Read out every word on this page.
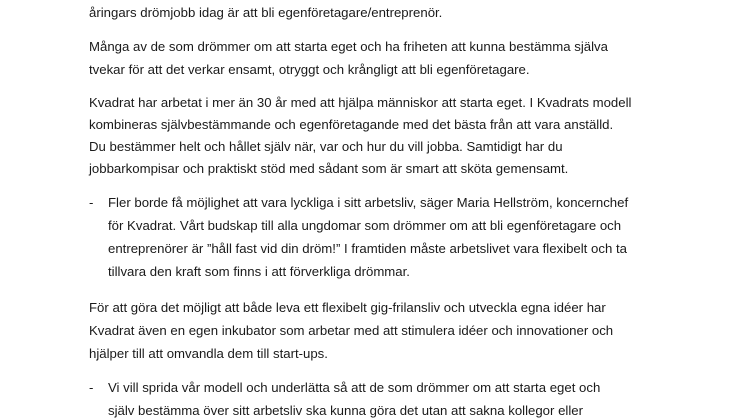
åringars drömjobb idag är att bli egenföretagare/entreprenör.
Många av de som drömmer om att starta eget och ha friheten att kunna bestämma själva
tvekar för att det verkar ensamt, otryggt och krångligt att bli egenföretagare.
Kvadrat har arbetat i mer än 30 år med att hjälpa människor att starta eget. I Kvadrats modell
kombineras självbestämmande och egenföretagande med det bästa från att vara anställd.
Du bestämmer helt och hållet själv när, var och hur du vill jobba. Samtidigt har du
jobbarkompisar och praktiskt stöd med sådant som är smart att sköta gemensamt.
- Fler borde få möjlighet att vara lyckliga i sitt arbetsliv, säger Maria Hellström, koncernchef
för Kvadrat. Vårt budskap till alla ungdomar som drömmer om att bli egenföretagare och
entreprenörer är ”håll fast vid din dröm!” I framtiden måste arbetslivet vara flexibelt och ta
tillvara den kraft som finns i att förverkliga drömmar.
För att göra det möjligt att både leva ett flexibelt gig-frilansliv och utveckla egna idéer har
Kvadrat även en egen inkubator som arbetar med att stimulera idéer och innovationer och
hjälper till att omvandla dem till start-ups.
- Vi vill sprida vår modell och underlätta så att de som drömmer om att starta eget och
själv bestämma över sitt arbetsliv ska kunna göra det utan att sakna kollegor eller
